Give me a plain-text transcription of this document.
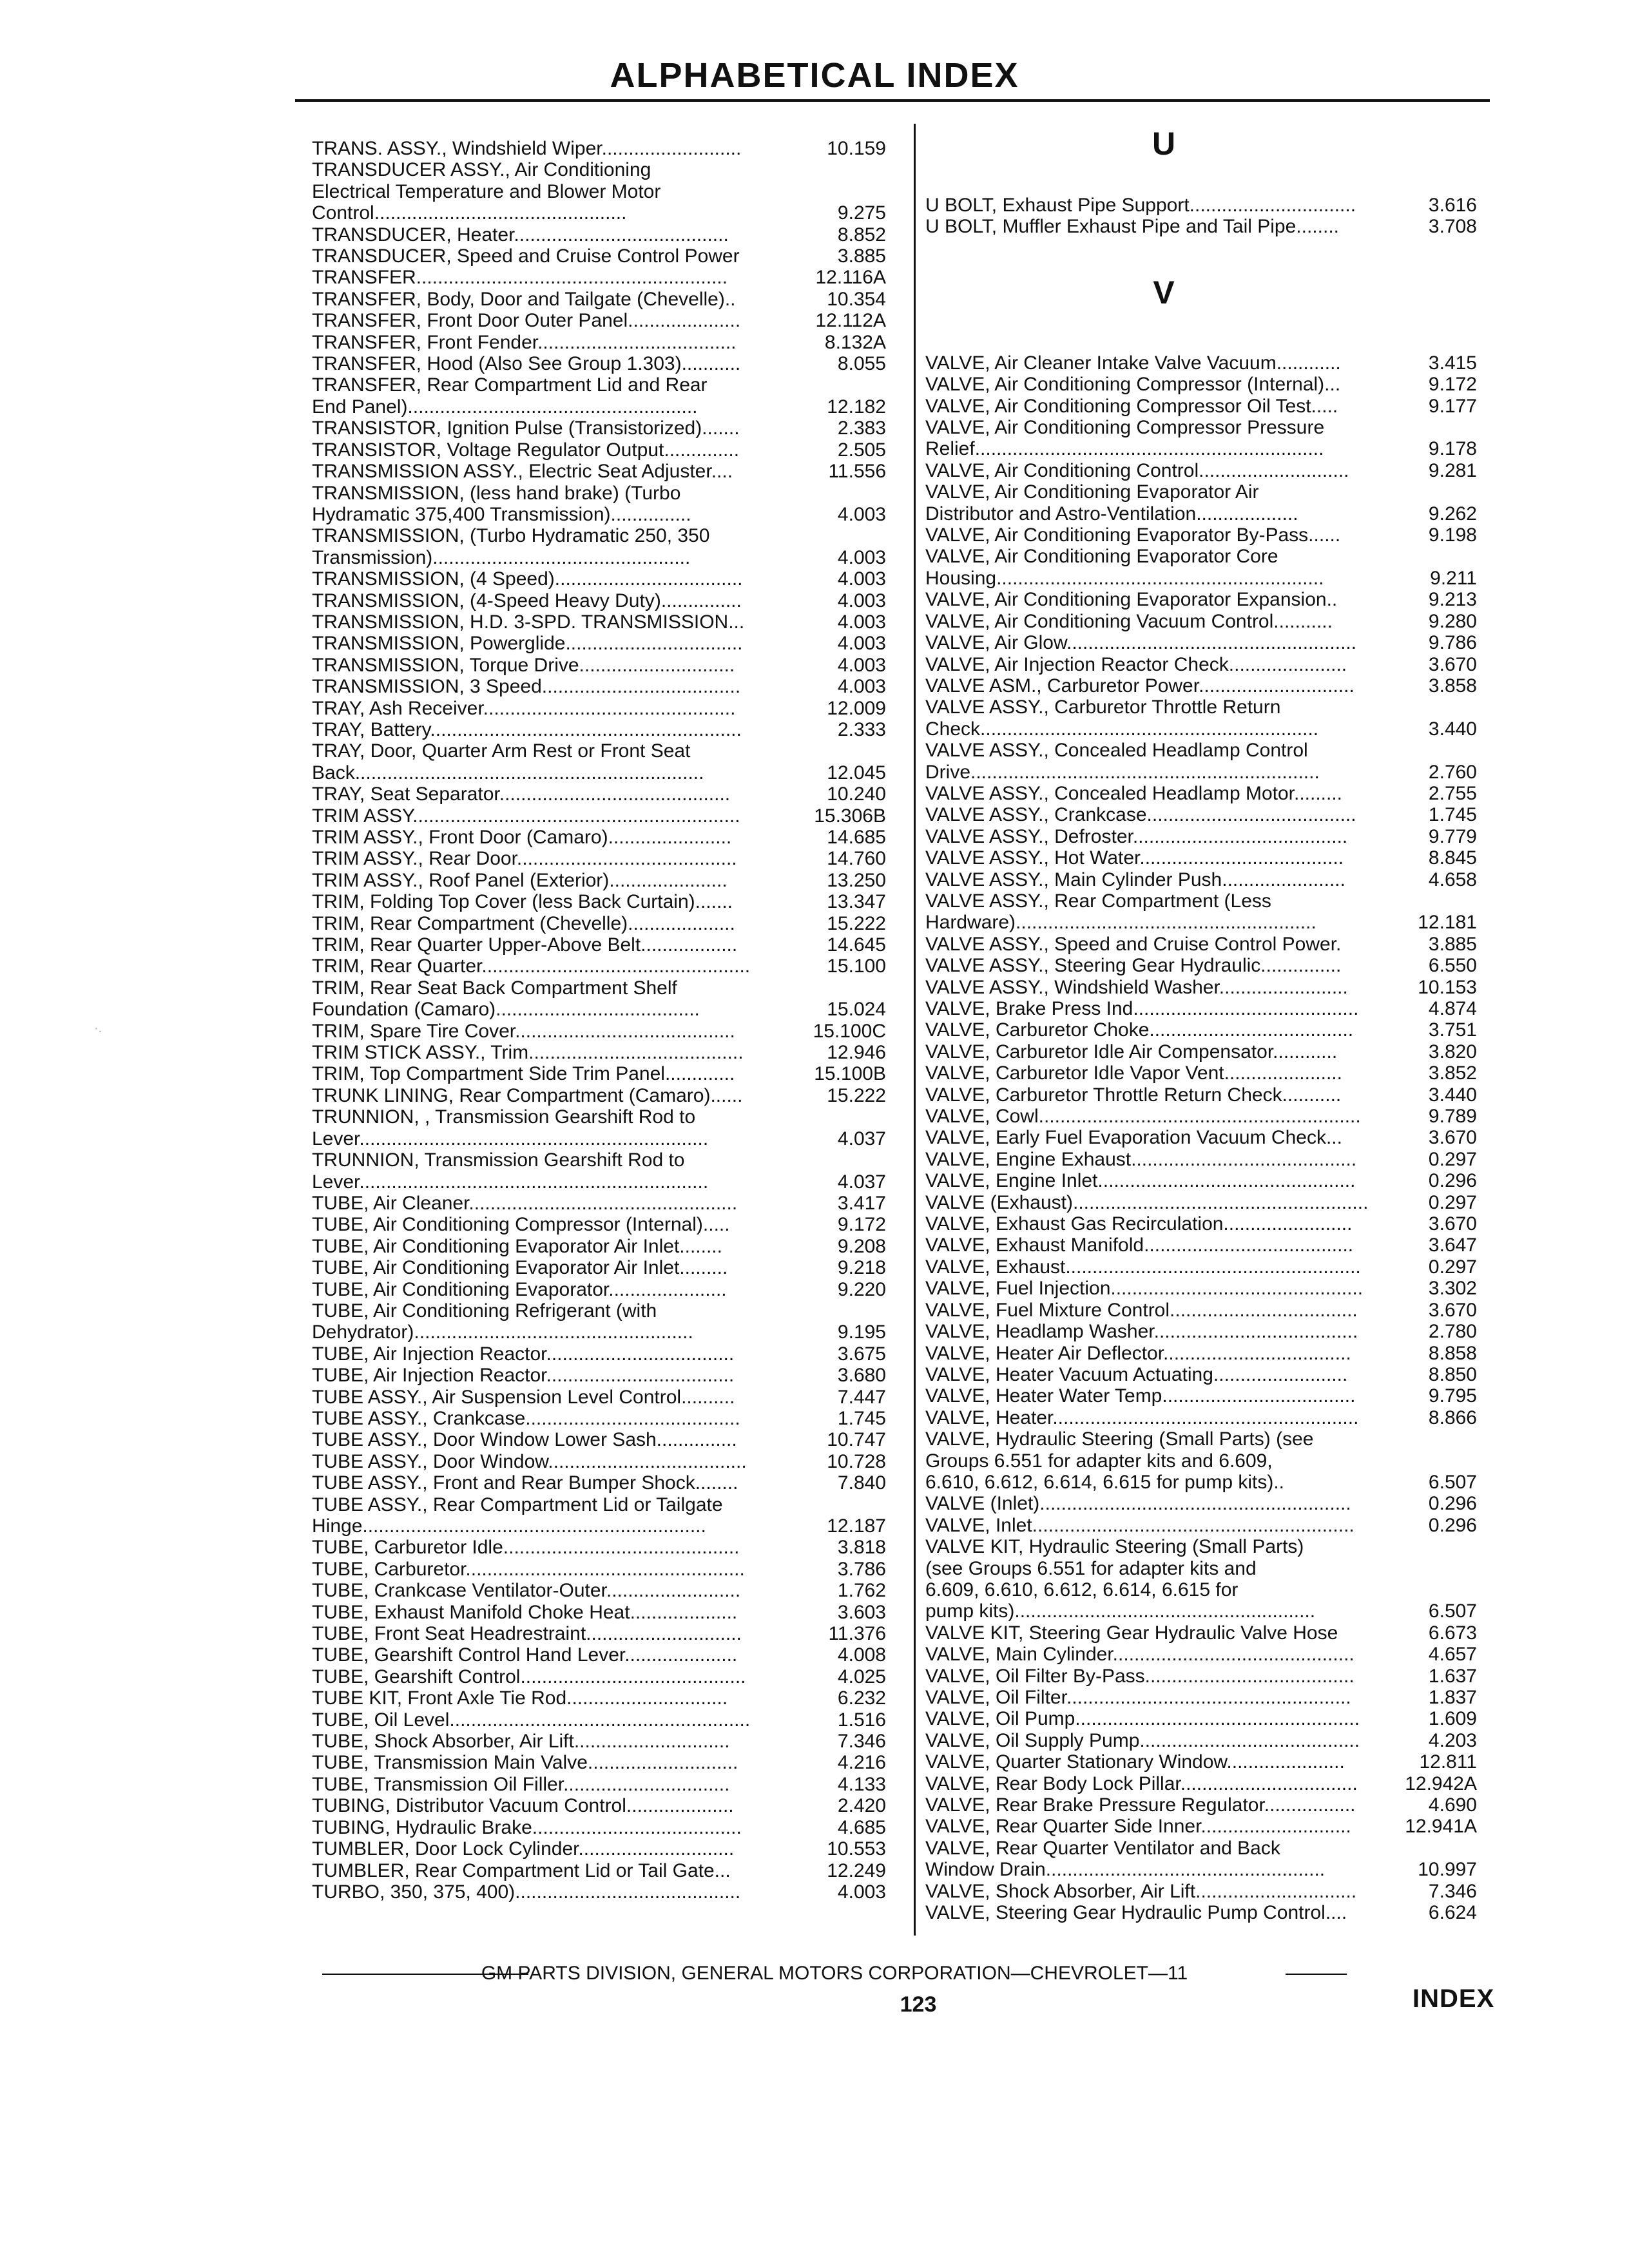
ALPHABETICAL INDEX
·.
TRANS. ASSY., Windshield Wiper..........................	10.159
TRANSDUCER ASSY., Air Conditioning
Electrical Temperature and Blower Motor
Control...............................................	9.275
TRANSDUCER, Heater........................................	8.852
TRANSDUCER, Speed and Cruise Control Power	3.885
TRANSFER..........................................................	12.116A
TRANSFER, Body, Door and Tailgate (Chevelle)..	10.354
TRANSFER, Front Door Outer Panel.....................	12.112A
TRANSFER, Front Fender.....................................	8.132A
TRANSFER, Hood (Also See Group 1.303)...........	8.055
TRANSFER, Rear Compartment Lid and Rear
End Panel)......................................................	12.182
TRANSISTOR, Ignition Pulse (Transistorized).......	2.383
TRANSISTOR, Voltage Regulator Output..............	2.505
TRANSMISSION ASSY., Electric Seat Adjuster....	11.556
TRANSMISSION, (less hand brake) (Turbo
Hydramatic 375,400 Transmission)...............	4.003
TRANSMISSION, (Turbo Hydramatic 250, 350
Transmission)................................................	4.003
TRANSMISSION, (4 Speed)...................................	4.003
TRANSMISSION, (4-Speed Heavy Duty)...............	4.003
TRANSMISSION, H.D. 3-SPD. TRANSMISSION...	4.003
TRANSMISSION, Powerglide.................................	4.003
TRANSMISSION, Torque Drive.............................	4.003
TRANSMISSION, 3 Speed.....................................	4.003
TRAY, Ash Receiver...............................................	12.009
TRAY, Battery..........................................................	2.333
TRAY, Door, Quarter Arm Rest or Front Seat
Back.................................................................	12.045
TRAY, Seat Separator...........................................	10.240
TRIM ASSY.............................................................	15.306B
TRIM ASSY., Front Door (Camaro).......................	14.685
TRIM ASSY., Rear Door.........................................	14.760
TRIM ASSY., Roof Panel (Exterior)......................	13.250
TRIM, Folding Top Cover (less Back Curtain).......	13.347
TRIM, Rear Compartment (Chevelle)....................	15.222
TRIM, Rear Quarter Upper-Above Belt..................	14.645
TRIM, Rear Quarter..................................................	15.100
TRIM, Rear Seat Back Compartment Shelf
Foundation (Camaro)......................................	15.024
TRIM, Spare Tire Cover.........................................	15.100C
TRIM STICK ASSY., Trim........................................	12.946
TRIM, Top Compartment Side Trim Panel.............	15.100B
TRUNK LINING, Rear Compartment (Camaro)......	15.222
TRUNNION, , Transmission Gearshift Rod to
Lever.................................................................	4.037
TRUNNION, Transmission Gearshift Rod to
Lever.................................................................	4.037
TUBE, Air Cleaner..................................................	3.417
TUBE, Air Conditioning Compressor (Internal).....	9.172
TUBE, Air Conditioning Evaporator Air Inlet........	9.208
TUBE, Air Conditioning Evaporator Air Inlet.........	9.218
TUBE, Air Conditioning Evaporator......................	9.220
TUBE, Air Conditioning Refrigerant (with
Dehydrator)....................................................	9.195
TUBE, Air Injection Reactor...................................	3.675
TUBE, Air Injection Reactor...................................	3.680
TUBE ASSY., Air Suspension Level Control..........	7.447
TUBE ASSY., Crankcase........................................	1.745
TUBE ASSY., Door Window Lower Sash...............	10.747
TUBE ASSY., Door Window.....................................	10.728
TUBE ASSY., Front and Rear Bumper Shock........	7.840
TUBE ASSY., Rear Compartment Lid or Tailgate
Hinge................................................................	12.187
TUBE, Carburetor Idle............................................	3.818
TUBE, Carburetor....................................................	3.786
TUBE, Crankcase Ventilator-Outer.........................	1.762
TUBE, Exhaust Manifold Choke Heat....................	3.603
TUBE, Front Seat Headrestraint.............................	11.376
TUBE, Gearshift Control Hand Lever.....................	4.008
TUBE, Gearshift Control..........................................	4.025
TUBE KIT, Front Axle Tie Rod..............................	6.232
TUBE, Oil Level........................................................	1.516
TUBE, Shock Absorber, Air Lift.............................	7.346
TUBE, Transmission Main Valve............................	4.216
TUBE, Transmission Oil Filler...............................	4.133
TUBING, Distributor Vacuum Control....................	2.420
TUBING, Hydraulic Brake.......................................	4.685
TUMBLER, Door Lock Cylinder.............................	10.553
TUMBLER, Rear Compartment Lid or Tail Gate...	12.249
TURBO, 350, 375, 400)..........................................	4.003
U
U BOLT, Exhaust Pipe Support...............................	3.616
U BOLT, Muffler Exhaust Pipe and Tail Pipe........	3.708
V
VALVE, Air Cleaner Intake Valve Vacuum............	3.415
VALVE, Air Conditioning Compressor (Internal)...	9.172
VALVE, Air Conditioning Compressor Oil Test.....	9.177
VALVE, Air Conditioning Compressor Pressure
Relief.................................................................	9.178
VALVE, Air Conditioning Control............................	9.281
VALVE, Air Conditioning Evaporator Air
Distributor and Astro-Ventilation...................	9.262
VALVE, Air Conditioning Evaporator By-Pass......	9.198
VALVE, Air Conditioning Evaporator Core
Housing.............................................................	9.211
VALVE, Air Conditioning Evaporator Expansion..	9.213
VALVE, Air Conditioning Vacuum Control...........	9.280
VALVE, Air Glow......................................................	9.786
VALVE, Air Injection Reactor Check......................	3.670
VALVE ASM., Carburetor Power.............................	3.858
VALVE ASSY., Carburetor Throttle Return
Check...............................................................	3.440
VALVE ASSY., Concealed Headlamp Control
Drive.................................................................	2.760
VALVE ASSY., Concealed Headlamp Motor.........	2.755
VALVE ASSY., Crankcase.......................................	1.745
VALVE ASSY., Defroster........................................	9.779
VALVE ASSY., Hot Water......................................	8.845
VALVE ASSY., Main Cylinder Push.......................	4.658
VALVE ASSY., Rear Compartment (Less
Hardware)........................................................	12.181
VALVE ASSY., Speed and Cruise Control Power.	3.885
VALVE ASSY., Steering Gear Hydraulic...............	6.550
VALVE ASSY., Windshield Washer........................	10.153
VALVE, Brake Press Ind..........................................	4.874
VALVE, Carburetor Choke......................................	3.751
VALVE, Carburetor Idle Air Compensator............	3.820
VALVE, Carburetor Idle Vapor Vent......................	3.852
VALVE, Carburetor Throttle Return Check...........	3.440
VALVE, Cowl............................................................	9.789
VALVE, Early Fuel Evaporation Vacuum Check...	3.670
VALVE, Engine Exhaust..........................................	0.297
VALVE, Engine Inlet................................................	0.296
VALVE (Exhaust).......................................................	0.297
VALVE, Exhaust Gas Recirculation........................	3.670
VALVE, Exhaust Manifold.......................................	3.647
VALVE, Exhaust.......................................................	0.297
VALVE, Fuel Injection...............................................	3.302
VALVE, Fuel Mixture Control...................................	3.670
VALVE, Headlamp Washer......................................	2.780
VALVE, Heater Air Deflector...................................	8.858
VALVE, Heater Vacuum Actuating.........................	8.850
VALVE, Heater Water Temp....................................	9.795
VALVE, Heater.........................................................	8.866
VALVE, Hydraulic Steering (Small Parts) (see
Groups 6.551 for adapter kits and 6.609,
6.610, 6.612, 6.614, 6.615 for pump kits)..	6.507
VALVE (Inlet)..........................................................	0.296
VALVE, Inlet............................................................	0.296
VALVE KIT, Hydraulic Steering (Small Parts)
(see Groups 6.551 for adapter kits and
6.609, 6.610, 6.612, 6.614, 6.615 for
pump kits)........................................................	6.507
VALVE KIT, Steering Gear Hydraulic Valve Hose	6.673
VALVE, Main Cylinder.............................................	4.657
VALVE, Oil Filter By-Pass.......................................	1.637
VALVE, Oil Filter.....................................................	1.837
VALVE, Oil Pump.....................................................	1.609
VALVE, Oil Supply Pump.........................................	4.203
VALVE, Quarter Stationary Window......................	12.811
VALVE, Rear Body Lock Pillar.................................	12.942A
VALVE, Rear Brake Pressure Regulator.................	4.690
VALVE, Rear Quarter Side Inner............................	12.941A
VALVE, Rear Quarter Ventilator and Back
Window Drain....................................................	10.997
VALVE, Shock Absorber, Air Lift..............................	7.346
VALVE, Steering Gear Hydraulic Pump Control....	6.624
GM PARTS DIVISION, GENERAL MOTORS CORPORATION—CHEVROLET—11
123	INDEX
